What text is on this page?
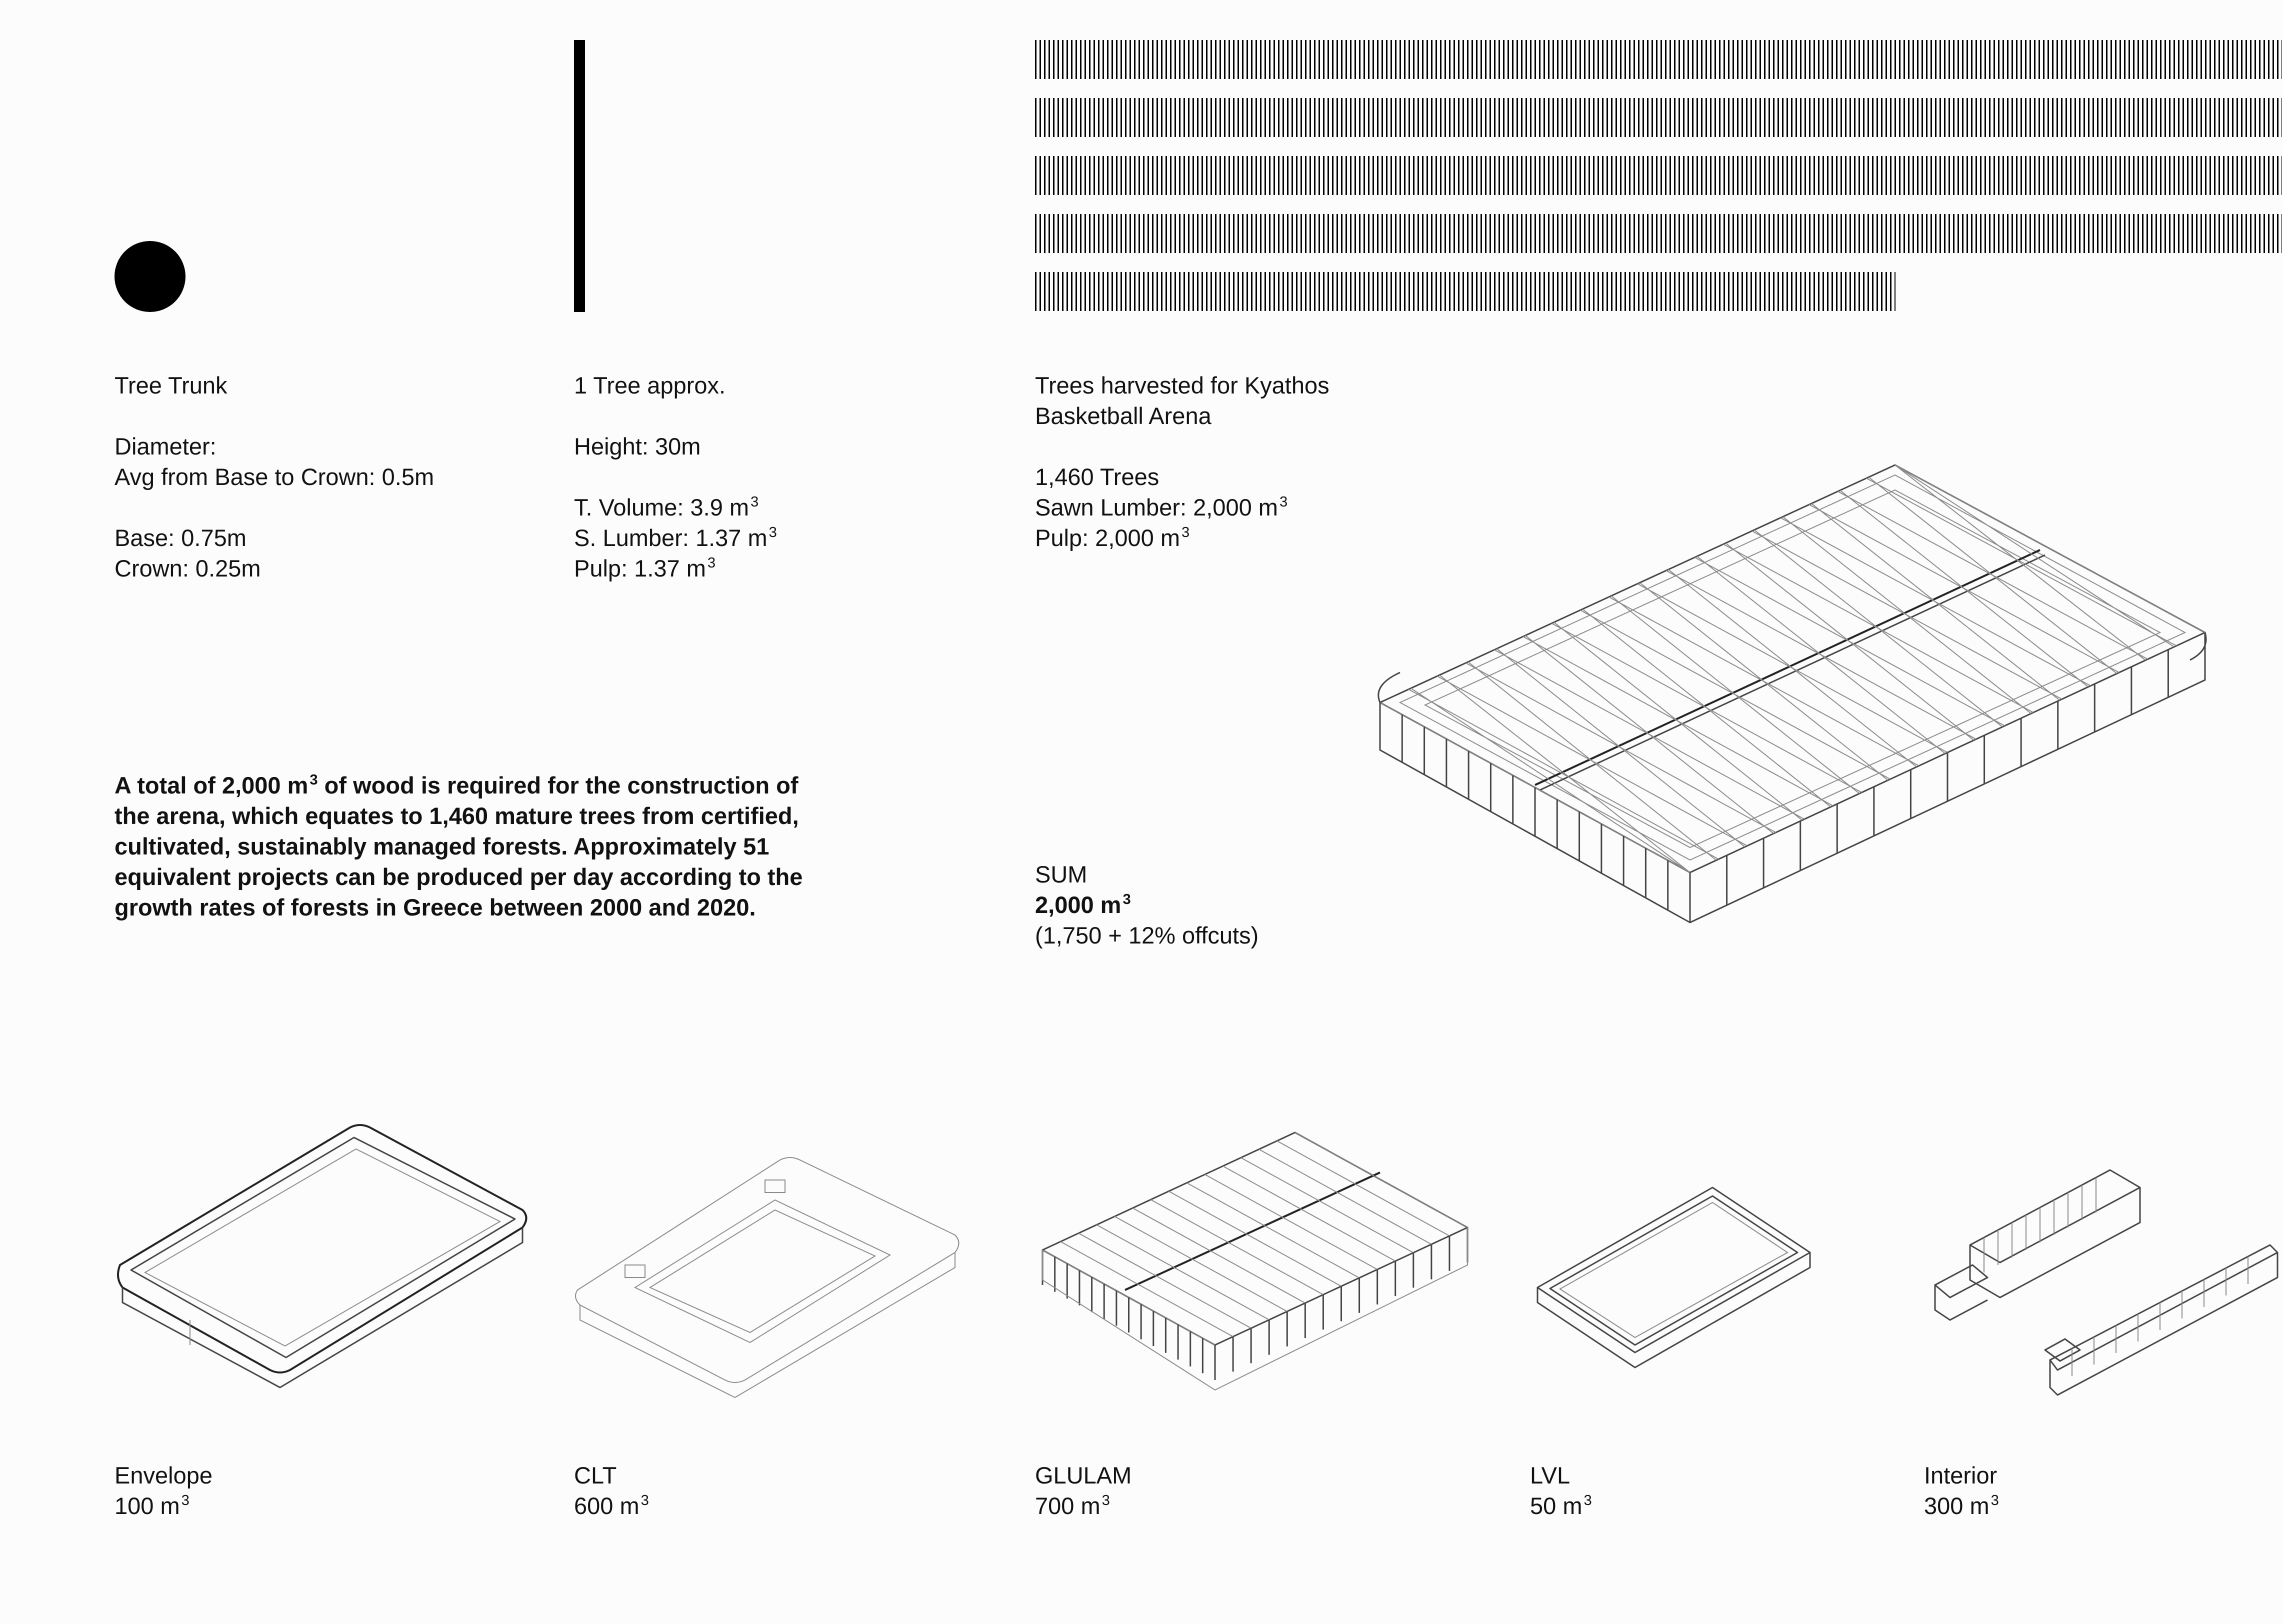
Tree Trunk

Diameter:

Avg from Base to Crown: 0.5m

Base: 0.75m

Crown: 0.25m

1 Tree approx.

Height: 30m

T. Volume: 3.9 m $^3$

S. Lumber: 1.37 m $^3$

Pulp: 1.37 m $^3$

Trees harvested for Kyathos

Basketball Arena

1,460 Trees

Sawn Lumber: 2,000 m $^3$

Pulp: 2,000 m $^3$

A total of 2,000 m $^3$ of wood is required for the construction of the arena, which equates to 1,460 mature trees from certified, cultivated, sustainably managed forests. Approximately 51 equivalent projects can be produced per day according to the growth rates of forests in Greece between 2000 and 2020.

SUM

2,000 m $^3$

(1,750 + 12% offcuts)

Envelope

100 m $^3$

CLT

600 m $^3$

GLULAM

700 m $^3$

LVL

50 m $^3$

Interior

300 m $^3$
